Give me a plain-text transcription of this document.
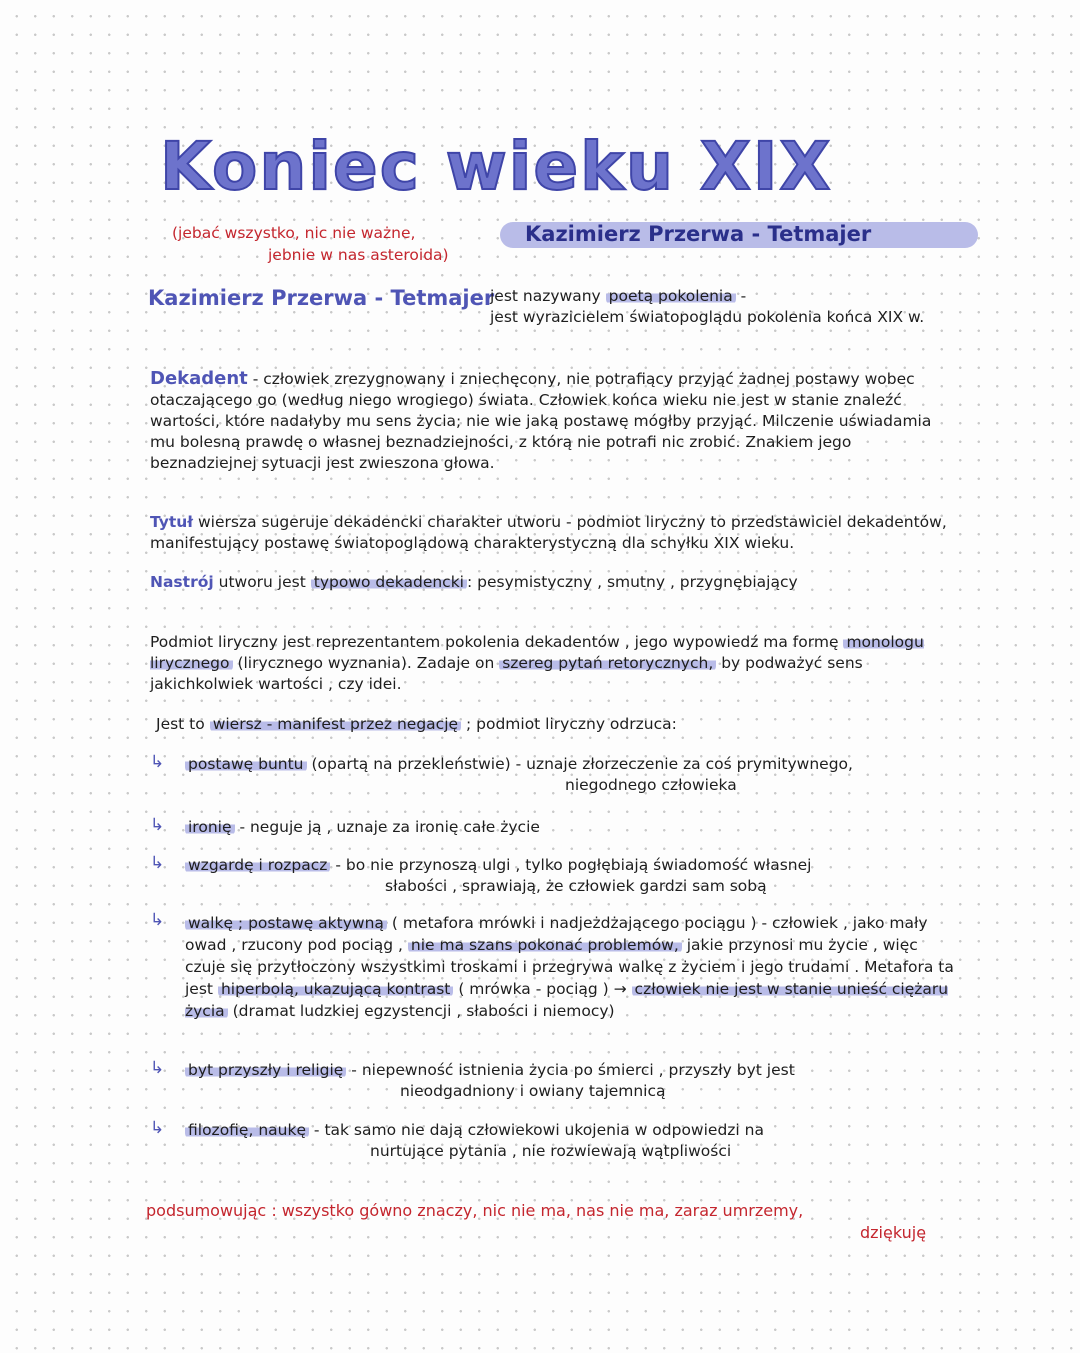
Koniec wieku XIX
(jebać wszystko, nic nie ważne,
jebnie w nas asteroida)
Kazimierz Przerwa - Tetmajer
Kazimierz Przerwa - Tetmajer
jest nazywany poetą pokolenia -
jest wyrazicielem światopoglądu pokolenia końca XIX w.
Dekadent - człowiek zrezygnowany i zniechęcony, nie potrafiący przyjąć żadnej postawy wobec otaczającego go (według niego wrogiego) świata. Człowiek końca wieku nie jest w stanie znaleźć wartości, które nadałyby mu sens życia; nie wie jaką postawę mógłby przyjąć. Milczenie uświadamia mu bolesną prawdę o własnej beznadziejności, z którą nie potrafi nic zrobić. Znakiem jego beznadziejnej sytuacji jest zwieszona głowa.
Tytuł wiersza sugeruje dekadencki charakter utworu - podmiot liryczny to przedstawiciel dekadentów, manifestujący postawę światopoglądową charakterystyczną dla schyłku XIX wieku.
Nastrój utworu jest typowo dekadencki : pesymistyczny , smutny , przygnębiający
Podmiot liryczny jest reprezentantem pokolenia dekadentów , jego wypowiedź ma formę monologu lirycznego (lirycznego wyznania). Zadaje on szereg pytań retorycznych, by podważyć sens jakichkolwiek wartości , czy idei.
Jest to wiersz - manifest przez negację ; podmiot liryczny odrzuca:
↳ postawę buntu (opartą na przekleństwie) - uznaje złorzeczenie za coś prymitywnego,
niegodnego człowieka
↳ ironię - neguje ją , uznaje za ironię całe życie
↳ wzgardę i rozpacz - bo nie przynoszą ulgi , tylko pogłębiają świadomość własnej
słabości , sprawiają, że człowiek gardzi sam sobą
↳ walkę ; postawę aktywną ( metafora mrówki i nadjeżdżającego pociągu ) - człowiek , jako mały owad , rzucony pod pociąg , nie ma szans pokonać problemów, jakie przynosi mu życie , więc czuje się przytłoczony wszystkimi troskami i przegrywa walkę z życiem i jego trudami . Metafora ta jest hiperbolą, ukazującą kontrast ( mrówka - pociąg ) → człowiek nie jest w stanie unieść ciężaru życia (dramat ludzkiej egzystencji , słabości i niemocy)
↳ byt przyszły i religię - niepewność istnienia życia po śmierci , przyszły byt jest
nieodgadniony i owiany tajemnicą
↳ filozofię, naukę - tak samo nie dają człowiekowi ukojenia w odpowiedzi na
nurtujące pytania , nie rozwiewają wątpliwości
podsumowując : wszystko gówno znaczy, nic nie ma, nas nie ma, zaraz umrzemy,
dziękuję
